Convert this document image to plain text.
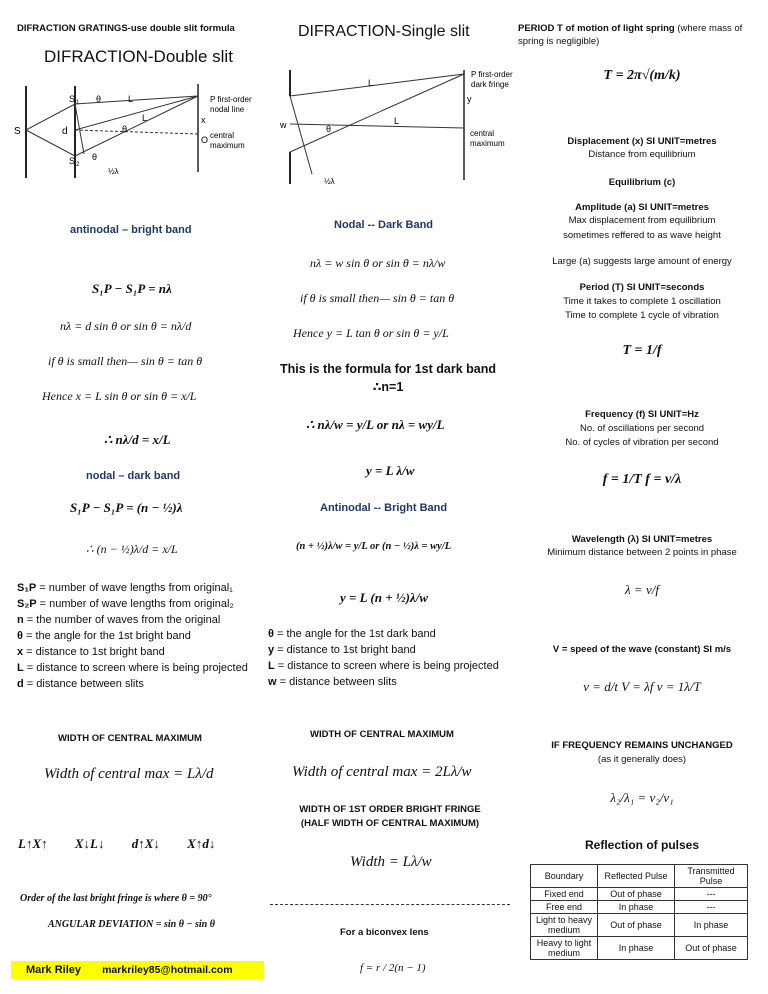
DIFRACTION GRATINGS-use double slit formula
DIFRACTION-Double slit
S
S 1
S 2
d
θ	L
θ
L
θ
x
P first-order
nodal line
O central
maximum
½λ
antinodal – bright band
S₁P − S₁P = nλ
nλ = d sin θ or sin θ = nλ/d
if θ is small then— sin θ = tan θ
Hence x = L sin θ or sin θ = x/L
∴ nλ/d = x/L
nodal – dark band
S₁P − S₁P = (n − ½)λ
∴ (n − ½)λ/d = x/L
S₁P = number of wave lengths from original₁
S₂P = number of wave lengths from original₂
n = the number of waves from the original
θ = the angle for the 1st bright band
x = distance to 1st bright band
L = distance to screen where is being projected
d = distance between slits
WIDTH OF CENTRAL MAXIMUM
Width of central max = Lλ/d
L↑X↑ X↓L↓ d↑X↓ X↑d↓
Order of the last bright fringe is where θ = 90°
ANGULAR DEVIATION = sin θ − sin θ
Mark Riley markriley85@hotmail.com
DIFRACTION-Single slit
w
L
L
θ
y
P first-order
dark fringe
central
maximum
½λ
Nodal -- Dark Band
nλ = w sin θ or sin θ = nλ/w
if θ is small then— sin θ = tan θ
Hence y = L tan θ or sin θ = y/L
This is the formula for 1st dark band
∴n=1
∴ nλ/w = y/L or nλ = wy/L
y = L λ/w
Antinodal -- Bright Band
(n + ½)λ/w = y/L or (n − ½)λ = wy/L
y = L (n + ½)λ/w
θ = the angle for the 1st dark band
y = distance to 1st bright band
L = distance to screen where is being projected
w = distance between slits
WIDTH OF CENTRAL MAXIMUM
Width of central max = 2Lλ/w
WIDTH OF 1ST ORDER BRIGHT FRINGE
(HALF WIDTH OF CENTRAL MAXIMUM)
Width = Lλ/w
For a biconvex lens
f = r / 2(n − 1)
PERIOD T of motion of light spring (where mass of spring is negligible)
T = 2π√(m/k)
Displacement (x) SI UNIT=metres
Distance from equilibrium
Equilibrium (c)
Amplitude (a) SI UNIT=metres
Max displacement from equilibrium
sometimes reffered to as wave height
Large (a) suggests large amount of energy
Period (T) SI UNIT=seconds
Time it takes to complete 1 oscillation
Time to complete 1 cycle of vibration
T = 1/f
Frequency (f) SI UNIT=Hz
No. of oscillations per second
No. of cycles of vibration per second
f = 1/T f = v/λ
Wavelength (λ) SI UNIT=metres
Minimum distance between 2 points in phase
λ = v/f
V = speed of the wave (constant) SI m/s
v = d/t V = λf v = 1λ/T
IF FREQUENCY REMAINS UNCHANGED
(as it generally does)
λ₂/λ₁ = v₂/v₁
Reflection of pulses
Boundary	Reflected Pulse	Transmitted Pulse
Fixed end	Out of phase	---
Free end	In phase	---
Light to heavy medium	Out of phase	In phase
Heavy to light medium	In phase	Out of phase
